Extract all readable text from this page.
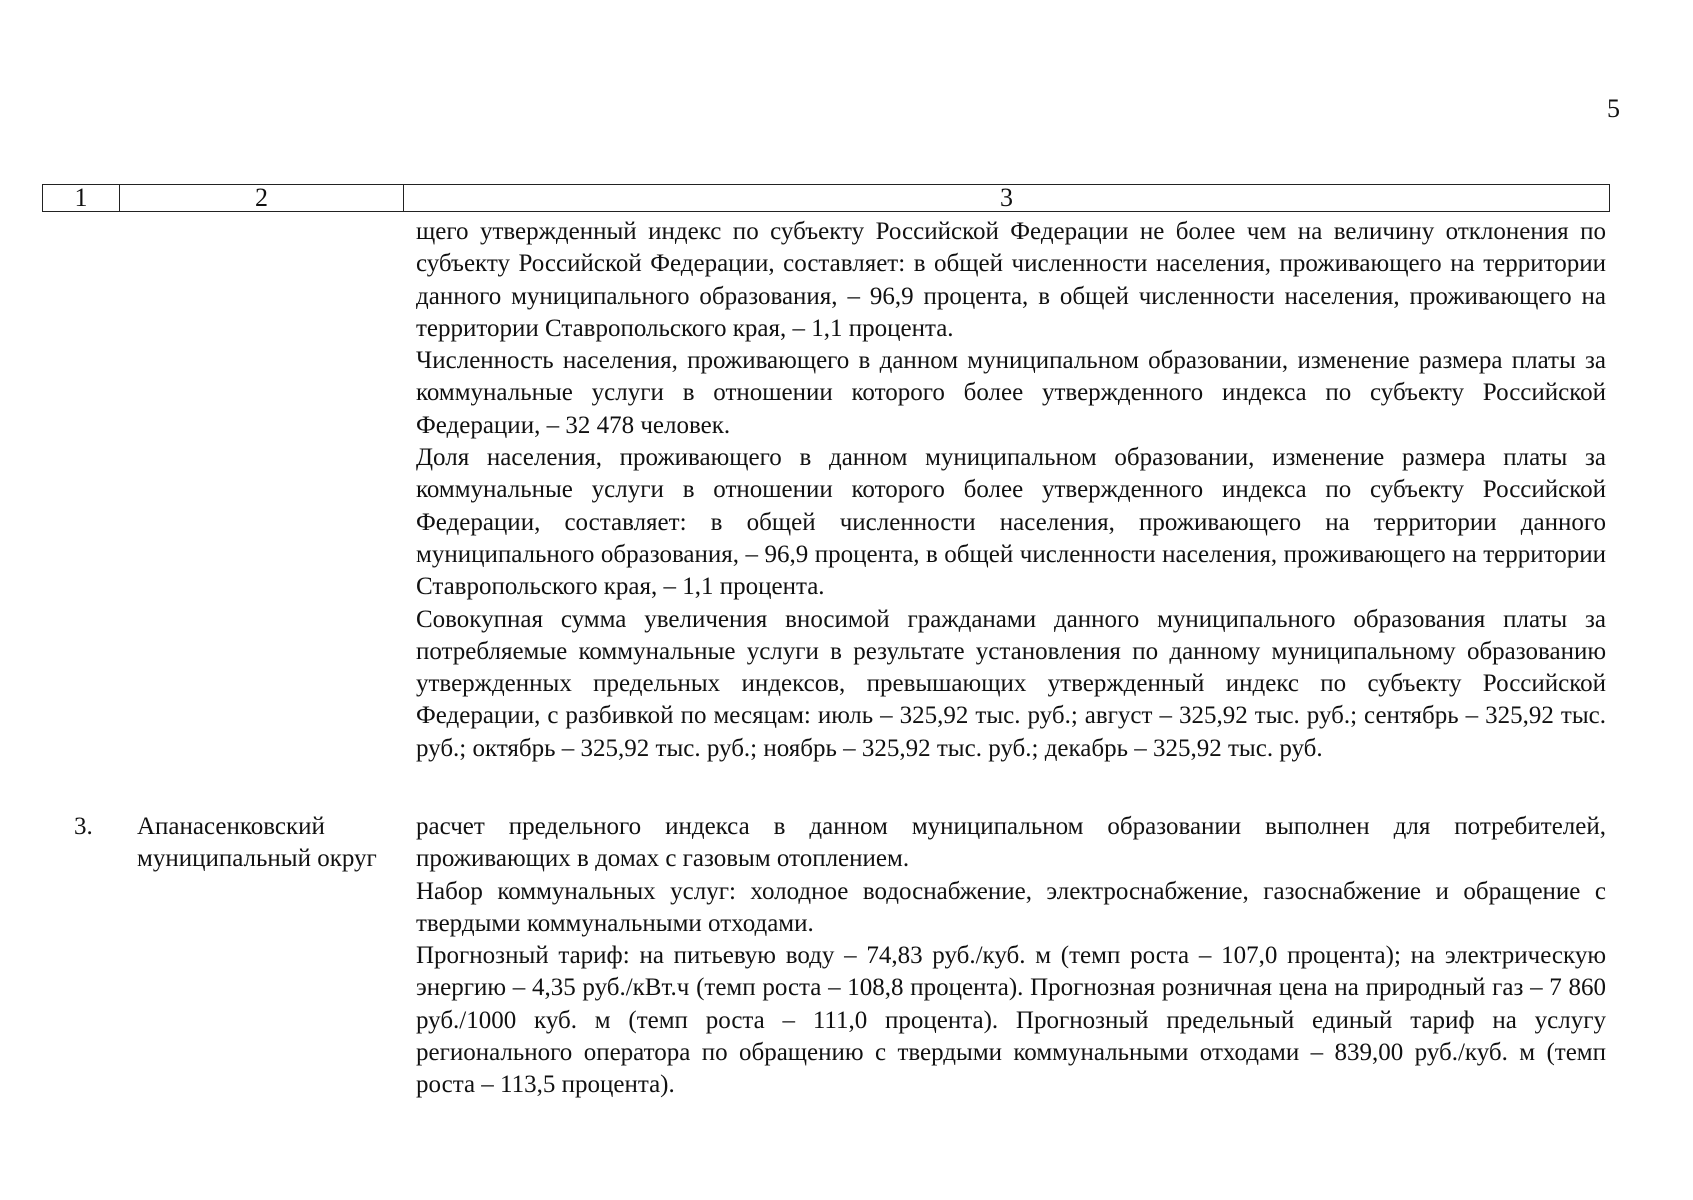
5
1	2	3

щего утвержденный индекс по субъекту Российской Федерации не более чем на величину отклонения по субъекту Российской Федерации, составляет: в общей численности населения, проживающего на территории данного муниципального образования, – 96,9 процента, в общей численности населения, проживающего на территории Ставропольского края, – 1,1 процента.

Численность населения, проживающего в данном муниципальном образовании, изменение размера платы за коммунальные услуги в отношении которого более утвержденного индекса по субъекту Российской Федерации, – 32 478 человек.

Доля населения, проживающего в данном муниципальном образовании, изменение размера платы за коммунальные услуги в отношении которого более утвержденного индекса по субъекту Российской Федерации, составляет: в общей численности населения, проживающего на территории данного муниципального образования, – 96,9 процента, в общей численности населения, проживающего на территории Ставропольского края, – 1,1 процента.

Совокупная сумма увеличения вносимой гражданами данного муниципального образования платы за потребляемые коммунальные услуги в результате установления по данному муниципальному образованию утвержденных предельных индексов, превышающих утвержденный индекс по субъекту Российской Федерации, с разбивкой по месяцам: июль – 325,92 тыс. руб.; август – 325,92 тыс. руб.; сентябрь – 325,92 тыс. руб.; октябрь – 325,92 тыс. руб.; ноябрь – 325,92 тыс. руб.; декабрь – 325,92 тыс. руб.

3. Апанасенковский муниципальный округ

расчет предельного индекса в данном муниципальном образовании выполнен для потребителей, проживающих в домах с газовым отоплением.

Набор коммунальных услуг: холодное водоснабжение, электроснабжение, газоснабжение и обращение с твердыми коммунальными отходами.

Прогнозный тариф: на питьевую воду – 74,83 руб./куб. м (темп роста – 107,0 процента); на электрическую энергию – 4,35 руб./кВт.ч (темп роста – 108,8 процента). Прогнозная розничная цена на природный газ – 7 860 руб./1000 куб. м (темп роста – 111,0 процента). Прогнозный предельный единый тариф на услугу регионального оператора по обращению с твердыми коммунальными отходами – 839,00 руб./куб. м (темп роста – 113,5 процента).
